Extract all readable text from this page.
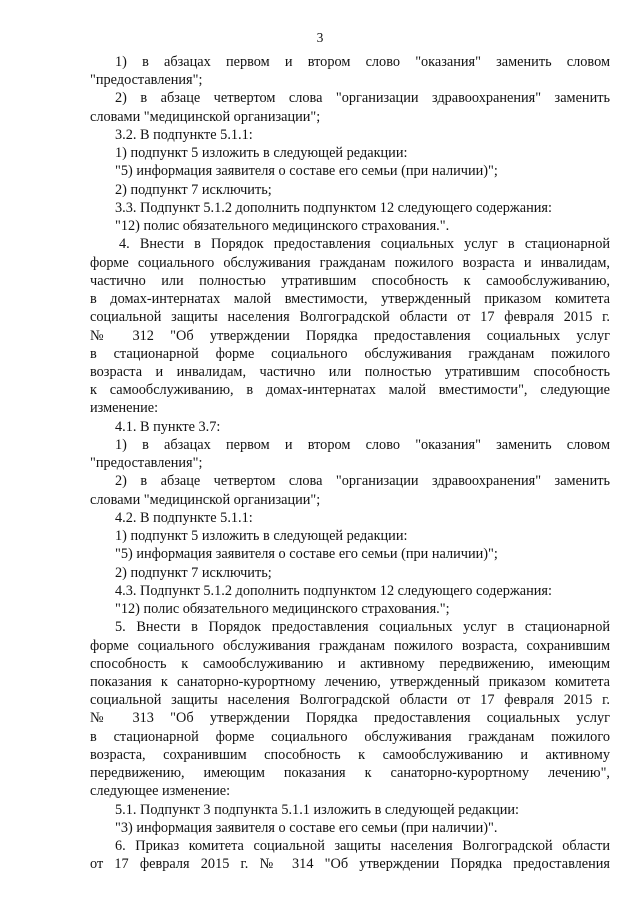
3
1) в абзацах первом и втором слово "оказания" заменить словом
"предоставления";
2) в абзаце четвертом слова "организации здравоохранения" заменить
словами "медицинской организации";
3.2. В подпункте 5.1.1:
1) подпункт 5 изложить в следующей редакции:
"5) информация заявителя о составе его семьи (при наличии)";
2) подпункт 7 исключить;
3.3. Подпункт 5.1.2 дополнить подпунктом 12 следующего содержания:
"12) полис обязательного медицинского страхования.".
4. Внести в Порядок предоставления социальных услуг в стационарной
форме социального обслуживания гражданам пожилого возраста и инвалидам,
частично или полностью утратившим способность к самообслуживанию,
в домах-интернатах малой вместимости, утвержденный приказом комитета
социальной защиты населения Волгоградской области от 17 февраля 2015 г.
№ 312 "Об утверждении Порядка предоставления социальных услуг
в стационарной форме социального обслуживания гражданам пожилого
возраста и инвалидам, частично или полностью утратившим способность
к самообслуживанию, в домах-интернатах малой вместимости", следующие
изменение:
4.1. В пункте 3.7:
1) в абзацах первом и втором слово "оказания" заменить словом
"предоставления";
2) в абзаце четвертом слова "организации здравоохранения" заменить
словами "медицинской организации";
4.2. В подпункте 5.1.1:
1) подпункт 5 изложить в следующей редакции:
"5) информация заявителя о составе его семьи (при наличии)";
2) подпункт 7 исключить;
4.3. Подпункт 5.1.2 дополнить подпунктом 12 следующего содержания:
"12) полис обязательного медицинского страхования.";
5. Внести в Порядок предоставления социальных услуг в стационарной
форме социального обслуживания гражданам пожилого возраста, сохранившим
способность к самообслуживанию и активному передвижению, имеющим
показания к санаторно-курортному лечению, утвержденный приказом комитета
социальной защиты населения Волгоградской области от 17 февраля 2015 г.
№ 313 "Об утверждении Порядка предоставления социальных услуг
в стационарной форме социального обслуживания гражданам пожилого
возраста, сохранившим способность к самообслуживанию и активному
передвижению, имеющим показания к санаторно-курортному лечению",
следующее изменение:
5.1. Подпункт 3 подпункта 5.1.1 изложить в следующей редакции:
"3) информация заявителя о составе его семьи (при наличии)".
6. Приказ комитета социальной защиты населения Волгоградской области
от 17 февраля 2015 г. № 314 "Об утверждении Порядка предоставления
